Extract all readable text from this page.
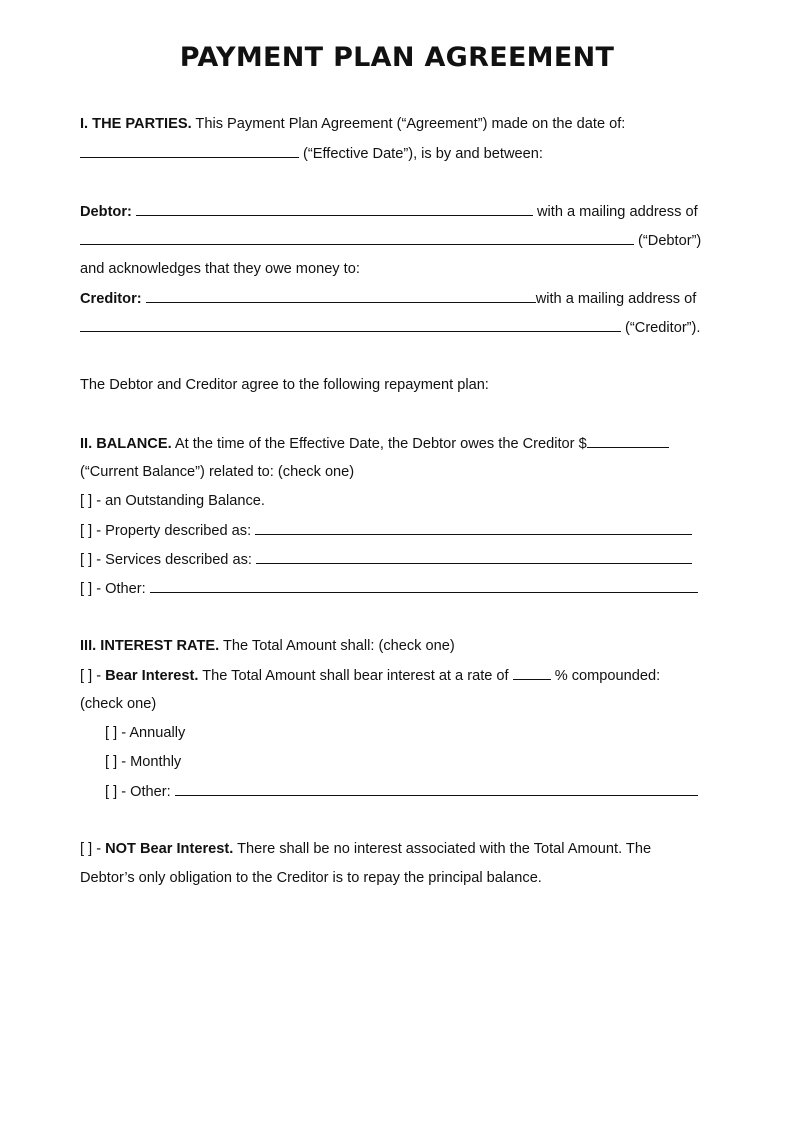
PAYMENT PLAN AGREEMENT
I. THE PARTIES. This Payment Plan Agreement (“Agreement”) made on the date of:
(“Effective Date”), is by and between:
Debtor:	with a mailing address of
(“Debtor”)
and acknowledges that they owe money to:
Creditor:	with a mailing address of
(“Creditor”).
The Debtor and Creditor agree to the following repayment plan:
II. BALANCE. At the time of the Effective Date, the Debtor owes the Creditor $
(“Current Balance”) related to: (check one)
[ ] - an Outstanding Balance.
[ ] - Property described as:
[ ] - Services described as:
[ ] - Other:
III. INTEREST RATE. The Total Amount shall: (check one)
[ ] - Bear Interest. The Total Amount shall bear interest at a rate of	% compounded:
(check one)
[ ] - Annually
[ ] - Monthly
[ ] - Other:
[ ] - NOT Bear Interest. There shall be no interest associated with the Total Amount. The
Debtor’s only obligation to the Creditor is to repay the principal balance.
